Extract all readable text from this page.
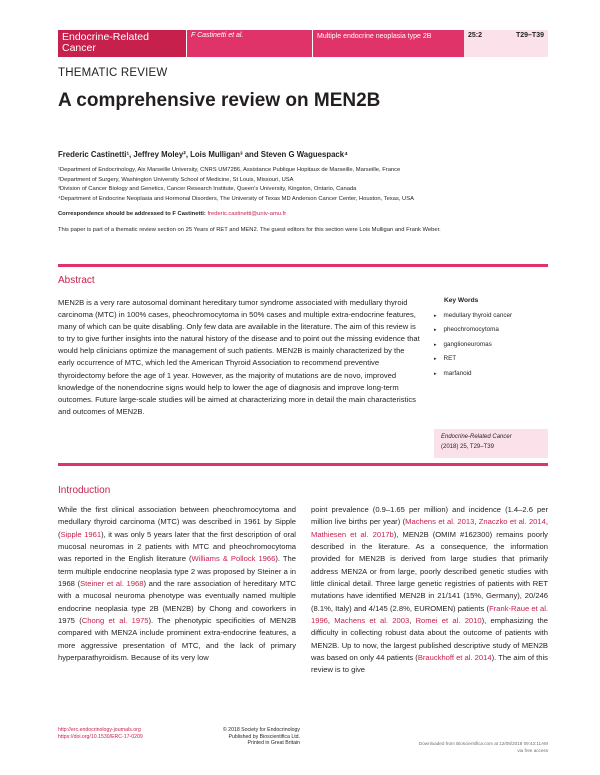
Endocrine-Related Cancer
F Castinetti et al.	Multiple endocrine neoplasia type 2B	25:2	T29–T39
THEMATIC REVIEW
A comprehensive review on MEN2B
Frederic Castinetti¹, Jeffrey Moley², Lois Mulligan³ and Steven G Waguespack⁴
¹Department of Endocrinology, Aix Marseille University, CNRS UM7286, Assistance Publique Hopitaux de Marseille, Marseille, France
²Department of Surgery, Washington University School of Medicine, St Louis, Missouri, USA
³Division of Cancer Biology and Genetics, Cancer Research Institute, Queen's University, Kingston, Ontario, Canada
⁴Department of Endocrine Neoplasia and Hormonal Disorders, The University of Texas MD Anderson Cancer Center, Houston, Texas, USA
Correspondence should be addressed to F Castinetti: frederic.castinetti@univ-amu.fr
This paper is part of a thematic review section on 25 Years of RET and MEN2. The guest editors for this section were Lois Mulligan and Frank Weber.
Abstract

MEN2B is a very rare autosomal dominant hereditary tumor syndrome associated with medullary thyroid carcinoma (MTC) in 100% cases, pheochromocytoma in 50% cases and multiple extra-endocrine features, many of which can be quite disabling. Only few data are available in the literature. The aim of this review is to try to give further insights into the natural history of the disease and to point out the missing evidence that would help clinicians optimize the management of such patients. MEN2B is mainly characterized by the early occurrence of MTC, which led the American Thyroid Association to recommend preventive thyroidectomy before the age of 1 year. However, as the majority of mutations are de novo, improved knowledge of the nonendocrine signs would help to lower the age of diagnosis and improve long-term outcomes. Future large-scale studies will be aimed at characterizing more in detail the main characteristics and outcomes of MEN2B.

Key Words
▸ medullary thyroid cancer
▸ pheochromocytoma
▸ ganglioneuromas
▸ RET
▸ marfanoid
Endocrine-Related Cancer
(2018) 25, T29–T39
Introduction

While the first clinical association between pheochromocytoma and medullary thyroid carcinoma (MTC) was described in 1961 by Sipple (Sipple 1961), it was only 5 years later that the first description of oral mucosal neuromas in 2 patients with MTC and pheochromocytoma was reported in the English literature (Williams & Pollock 1966). The term multiple endocrine neoplasia type 2 was proposed by Steiner a in 1968 (Steiner et al. 1968) and the rare association of hereditary MTC with a mucosal neuroma phenotype was eventually named multiple endocrine neoplasia type 2B (MEN2B) by Chong and coworkers in 1975 (Chong et al. 1975). The phenotypic specificities of MEN2B compared with MEN2A include prominent extra-endocrine features, a more aggressive presentation of MTC, and the lack of primary hyperparathyroidism. Because of its very low

point prevalence (0.9–1.65 per million) and incidence (1.4–2.6 per million live births per year) (Machens et al. 2013, Znaczko et al. 2014, Mathiesen et al. 2017b), MEN2B (OMIM #162300) remains poorly described in the literature. As a consequence, the information provided for MEN2B is derived from large studies that primarily address MEN2A or from large, poorly described genetic studies with little clinical detail. Three large genetic registries of patients with RET mutations have identified MEN2B in 21/141 (15%, Germany), 20/246 (8.1%, Italy) and 4/145 (2.8%, EUROMEN) patients (Frank-Raue et al. 1996, Machens et al. 2003, Romei et al. 2010), emphasizing the difficulty in collecting robust data about the outcome of patients with MEN2B. Up to now, the largest published descriptive study of MEN2B was based on only 44 patients (Brauckhoff et al. 2014). The aim of this review is to give

http://erc.endocrinology-journals.org
https://doi.org/10.1530/ERC-17-0209
© 2018 Society for Endocrinology
Published by Bioscientifica Ltd.
Printed in Great Britain	Downloaded from Bioscientifica.com at 12/08/2018 09:43:11AM
via free access
